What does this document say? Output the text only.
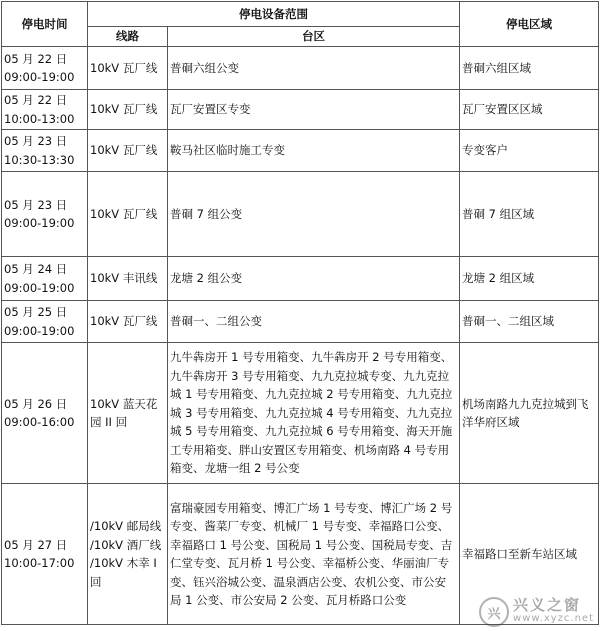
停电时间	停电设备范围		停电区域
	线路	台区	

05 月 22 日
09:00-19:00	10kV 瓦厂线	普硐六组公变	普硐六组区域

05 月 22 日
10:00-13:00	10kV 瓦厂线	瓦厂安置区专变	瓦厂安置区区域

05 月 23 日
10:30-13:30	10kV 瓦厂线	鞍马社区临时施工专变	专变客户

05 月 23 日
09:00-19:00	10kV 瓦厂线	普硐 7 组公变	普硐 7 组区域

05 月 24 日
09:00-19:00	10kV 丰讯线	龙塘 2 组公变	龙塘 2 组区域

05 月 25 日
09:00-19:00	10kV 瓦厂线	普硐一、二组公变	普硐一、二组区域

05 月 26 日
09:00-16:00	10kV 蓝天花园 II 回	九牛犇房开 1 号专用箱变、九牛犇房开 2 号专用箱变、九牛犇房开 3 号专用箱变、九九克拉城专变、九九克拉城 1 号专用箱变、九九克拉城 2 号专用箱变、九九克拉城 3 号专用箱变、九九克拉城 4 号专用箱变、九九克拉城 5 号专用箱变、九九克拉城 6 号专用箱变、海天开施工专用箱变、胖山安置区专用箱变、机场南路 4 号专用箱变、龙塘一组 2 号公变	机场南路九九克拉城到飞洋华府区域

05 月 27 日
10:00-17:00	/10kV 邮局线 /10kV 酒厂线 /10kV 木幸 I 回	富瑞豪园专用箱变、博汇广场 1 号专变、博汇广场 2 号专变、酱菜厂专变、机械厂 1 号专变、幸福路口公变、幸福路口 1 号公变、国税局 1 号公变、国税局专变、吉仁堂专变、瓦月桥 1 号公变、幸福桥公变、华丽油厂专变、钰兴浴城公变、温泉酒店公变、农机公变、市公安局 1 公变、市公安局 2 公变、瓦月桥路口公变	幸福路口至新车站区域
兴 兴义之窗
www.xyzc.net
